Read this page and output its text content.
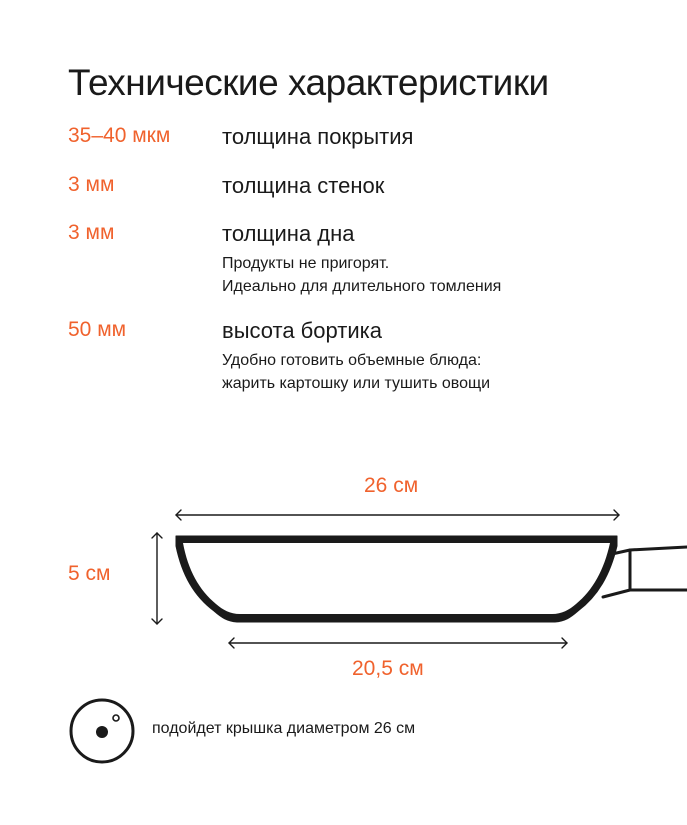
Технические характеристики
35–40 мкм толщина покрытия
3 мм	толщина стенок
3 мм	толщина дна
Продукты не пригорят.
Идеально для длительного томления
50 мм	высота бортика
Удобно готовить объемные блюда:
жарить картошку или тушить овощи
26 см
5 см
20,5 см
подойдет крышка диаметром 26 см
